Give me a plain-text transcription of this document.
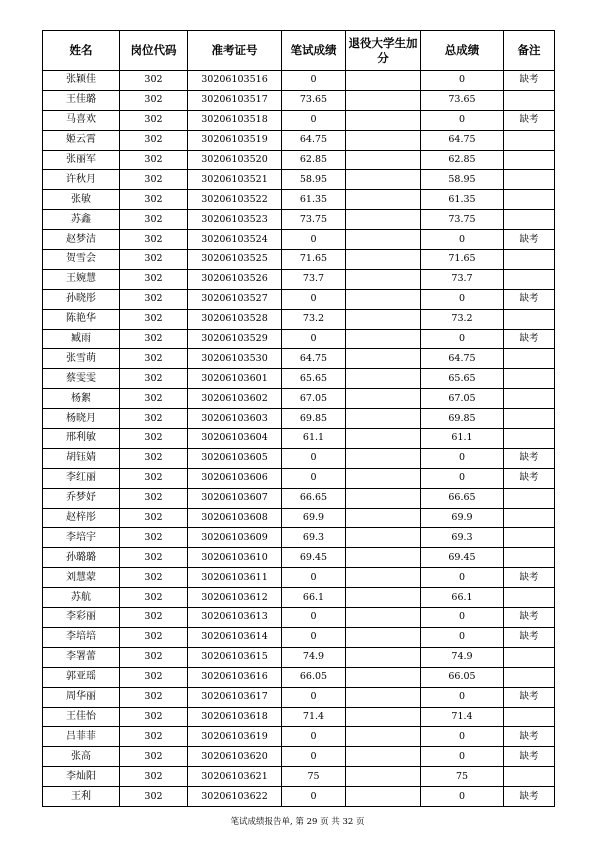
姓名	岗位代码	准考证号	笔试成绩	退役大学生加分	总成绩	备注
张颖佳	302	30206103516	0		0	缺考
王佳璐	302	30206103517	73.65		73.65	
马喜欢	302	30206103518	0		0	缺考
姬云霄	302	30206103519	64.75		64.75	
张丽军	302	30206103520	62.85		62.85	
许秋月	302	30206103521	58.95		58.95	
张敏	302	30206103522	61.35		61.35	
苏鑫	302	30206103523	73.75		73.75	
赵梦洁	302	30206103524	0		0	缺考
贺雪会	302	30206103525	71.65		71.65	
王婉慧	302	30206103526	73.7		73.7	
孙晓彤	302	30206103527	0		0	缺考
陈艳华	302	30206103528	73.2		73.2	
臧雨	302	30206103529	0		0	缺考
张雪萌	302	30206103530	64.75		64.75	
蔡雯雯	302	30206103601	65.65		65.65	
杨絮	302	30206103602	67.05		67.05	
杨晓月	302	30206103603	69.85		69.85	
邢利敏	302	30206103604	61.1		61.1	
胡钰婧	302	30206103605	0		0	缺考
李红丽	302	30206103606	0		0	缺考
乔梦妤	302	30206103607	66.65		66.65	
赵梓彤	302	30206103608	69.9		69.9	
李培宇	302	30206103609	69.3		69.3	
孙璐璐	302	30206103610	69.45		69.45	
刘慧蒙	302	30206103611	0		0	缺考
苏航	302	30206103612	66.1		66.1	
李彩丽	302	30206103613	0		0	缺考
李培培	302	30206103614	0		0	缺考
李署蕾	302	30206103615	74.9		74.9	
郭亚瑶	302	30206103616	66.05		66.05	
周华丽	302	30206103617	0		0	缺考
王佳怡	302	30206103618	71.4		71.4	
吕菲菲	302	30206103619	0		0	缺考
张高	302	30206103620	0		0	缺考
李灿阳	302	30206103621	75		75	
王利	302	30206103622	0		0	缺考
笔试成绩报告单, 第 29 页 共 32 页
